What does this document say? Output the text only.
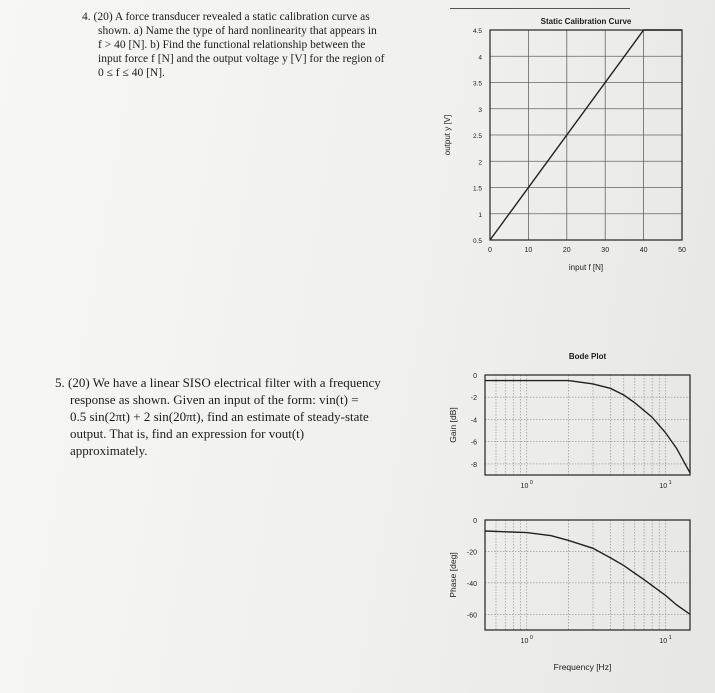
4. (20) A force transducer revealed a static calibration curve as
shown. a) Name the type of hard nonlinearity that appears in
f > 40 [N]. b) Find the functional relationship between the
input force f [N] and the output voltage y [V] for the region of
0 ≤ f ≤ 40 [N].
5. (20) We have a linear SISO electrical filter with a frequency
response as shown. Given an input of the form: vin(t) =
0.5 sin(2πt) + 2 sin(20πt), find an estimate of steady-state
output. That is, find an expression for vout(t)
approximately.
Static Calibration Curve
0	10	20	30	40	50
0.5
1
1.5
2
2.5
3
3.5
4
4.5
input f [N]
output y [V]
Bode Plot
0
-2
-4
-6
-8
Gain [dB]
10 $^0$	10 $^1$
0
-20
-40
-60
Phase [deg]
10 $^0$	10 $^1$
Frequency [Hz]
